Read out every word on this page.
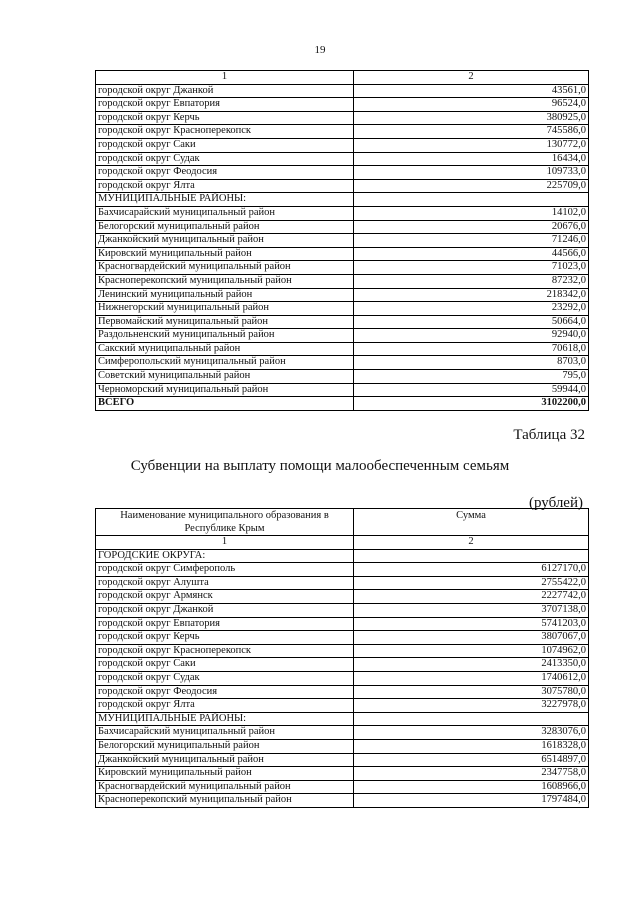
19
1	2
городской округ Джанкой	43561,0
городской округ Евпатория	96524,0
городской округ Керчь	380925,0
городской округ Красноперекопск	745586,0
городской округ Саки	130772,0
городской округ Судак	16434,0
городской округ Феодосия	109733,0
городской округ Ялта	225709,0
МУНИЦИПАЛЬНЫЕ РАЙОНЫ:	
Бахчисарайский муниципальный район	14102,0
Белогорский муниципальный район	20676,0
Джанкойский муниципальный район	71246,0
Кировский муниципальный район	44566,0
Красногвардейский муниципальный район	71023,0
Красноперекопский муниципальный район	87232,0
Ленинский муниципальный район	218342,0
Нижнегорский муниципальный район	23292,0
Первомайский муниципальный район	50664,0
Раздольненский муниципальный район	92940,0
Сакский муниципальный район	70618,0
Симферопольский муниципальный район	8703,0
Советский муниципальный район	795,0
Черноморский муниципальный район	59944,0
ВСЕГО	3102200,0
Таблица 32
Субвенции на выплату помощи малообеспеченным семьям
(рублей)
Наименование муниципального образования в Республике Крым	Сумма

1	2
ГОРОДСКИЕ ОКРУГА:	
городской округ Симферополь	6127170,0
городской округ Алушта	2755422,0
городской округ Армянск	2227742,0
городской округ Джанкой	3707138,0
городской округ Евпатория	5741203,0
городской округ Керчь	3807067,0
городской округ Красноперекопск	1074962,0
городской округ Саки	2413350,0
городской округ Судак	1740612,0
городской округ Феодосия	3075780,0
городской округ Ялта	3227978,0
МУНИЦИПАЛЬНЫЕ РАЙОНЫ:	
Бахчисарайский муниципальный район	3283076,0
Белогорский муниципальный район	1618328,0
Джанкойский муниципальный район	6514897,0
Кировский муниципальный район	2347758,0
Красногвардейский муниципальный район	1608966,0
Красноперекопский муниципальный район	1797484,0
